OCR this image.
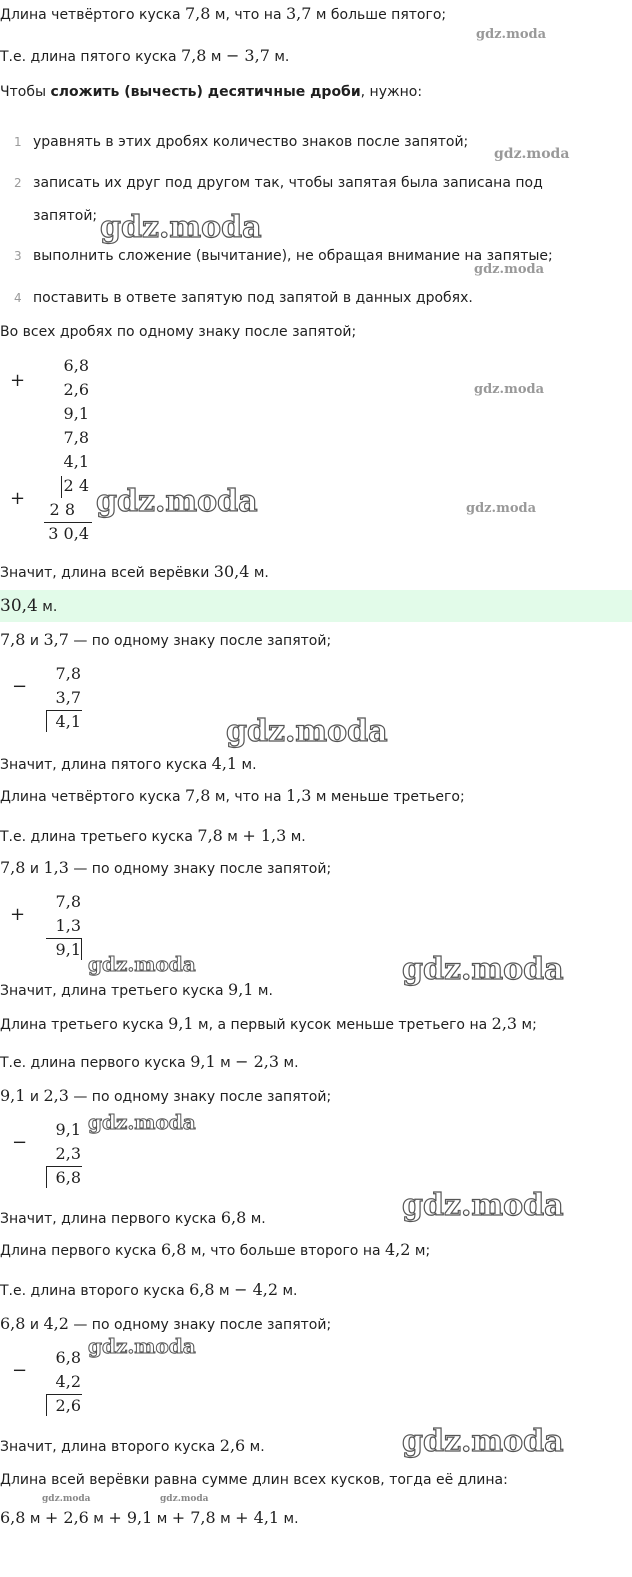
Длина четвёртого куска 7,8 м, что на 3,7 м больше пятого;
gdz.moda
Т.е. длина пятого куска 7,8 м − 3,7 м.
Чтобы сложить (вычесть) десятичные дроби, нужно:
1 уравнять в этих дробях количество знаков после запятой;
2 записать их друг под другом так, чтобы запятая была записана под
запятой;
3 выполнить сложение (вычитание), не обращая внимание на запятые;
4 поставить в ответе запятую под запятой в данных дробях.
gdz.moda
gdz.moda
gdz.moda
Во всех дробях по одному знаку после запятой;
+
6,8
2,6
9,1
7,8
4,1
2 4
+
2 8
3 0,4
gdz.moda
gdz.moda	gdz.moda
Значит, длина всей верёвки 30,4 м.
30,4 м.
7,8 и 3,7 — по одному знаку после запятой;
−
7,8
3,7
4,1	gdz.moda
Значит, длина пятого куска 4,1 м.
Длина четвёртого куска 7,8 м, что на 1,3 м меньше третьего;
Т.е. длина третьего куска 7,8 м + 1,3 м.
7,8 и 1,3 — по одному знаку после запятой;
+
7,8
1,3
9,1
gdz.moda	gdz.moda
Значит, длина третьего куска 9,1 м.
Длина третьего куска 9,1 м, а первый кусок меньше третьего на 2,3 м;
Т.е. длина первого куска 9,1 м − 2,3 м.
9,1 и 2,3 — по одному знаку после запятой;
−
9,1
2,3
6,8
gdz.moda
gdz.moda
Значит, длина первого куска 6,8 м.
Длина первого куска 6,8 м, что больше второго на 4,2 м;
Т.е. длина второго куска 6,8 м − 4,2 м.
6,8 и 4,2 — по одному знаку после запятой;
−
6,8
4,2
2,6
gdz.moda
gdz.moda
Значит, длина второго куска 2,6 м.
Длина всей верёвки равна сумме длин всех кусков, тогда её длина:
gdz.moda	gdz.moda
6,8 м + 2,6 м + 9,1 м + 7,8 м + 4,1 м.
